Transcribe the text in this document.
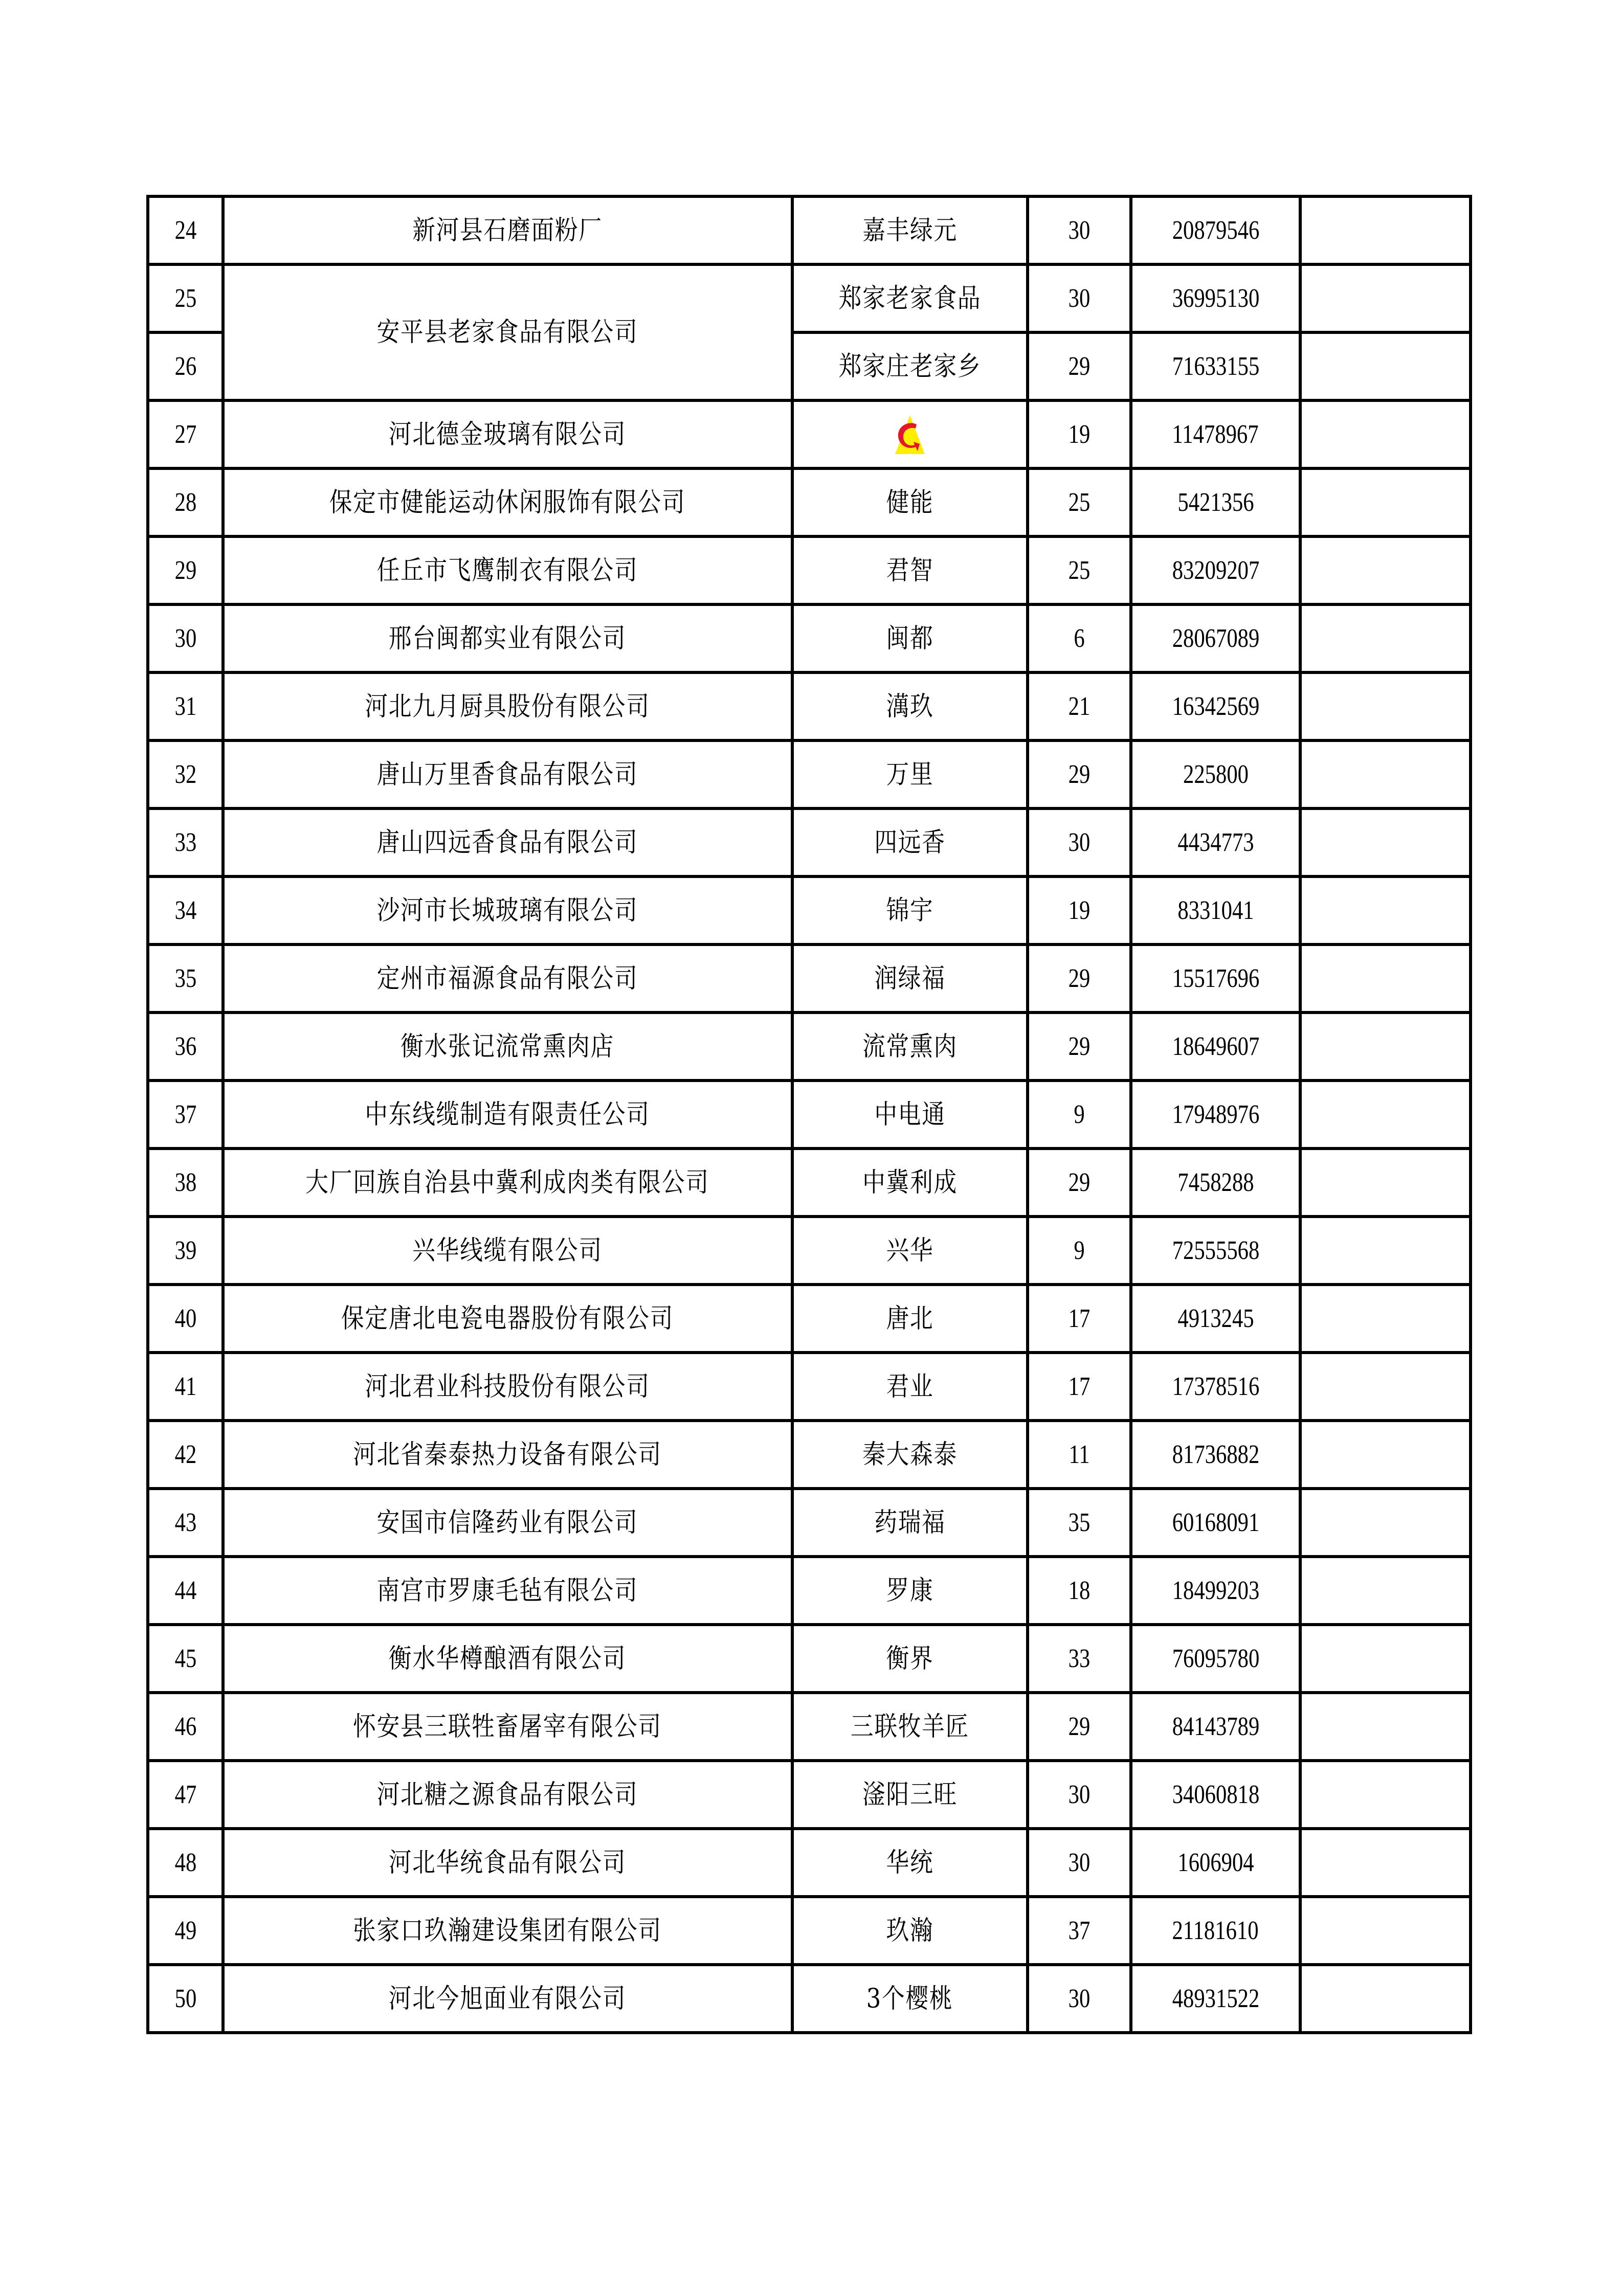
24	新河县石磨面粉厂	嘉丰绿元	30	20879546	
25	安平县老家食品有限公司	郑家老家食品	30	36995130	
26		郑家庄老家乡	29	71633155	
27	河北德金玻璃有限公司		19	11478967	
28	保定市健能运动休闲服饰有限公司	健能	25	5421356	
29	任丘市飞鹰制衣有限公司	君智	25	83209207	
30	邢台闽都实业有限公司	闽都	6	28067089	
31	河北九月厨具股份有限公司	澫玖	21	16342569	
32	唐山万里香食品有限公司	万里	29	225800	
33	唐山四远香食品有限公司	四远香	30	4434773	
34	沙河市长城玻璃有限公司	锦宇	19	8331041	
35	定州市福源食品有限公司	润绿福	29	15517696	
36	衡水张记流常熏肉店	流常熏肉	29	18649607	
37	中东线缆制造有限责任公司	中电通	9	17948976	
38	大厂回族自治县中冀利成肉类有限公司	中冀利成	29	7458288	
39	兴华线缆有限公司	兴华	9	72555568	
40	保定唐北电瓷电器股份有限公司	唐北	17	4913245	
41	河北君业科技股份有限公司	君业	17	17378516	
42	河北省秦泰热力设备有限公司	秦大森泰	11	81736882	
43	安国市信隆药业有限公司	药瑞福	35	60168091	
44	南宫市罗康毛毡有限公司	罗康	18	18499203	
45	衡水华樽酿酒有限公司	衡界	33	76095780	
46	怀安县三联牲畜屠宰有限公司	三联牧羊匠	29	84143789	
47	河北糖之源食品有限公司	滏阳三旺	30	34060818	
48	河北华统食品有限公司	华统	30	1606904	
49	张家口玖瀚建设集团有限公司	玖瀚	37	21181610	
50	河北今旭面业有限公司	3个樱桃	30	48931522	
